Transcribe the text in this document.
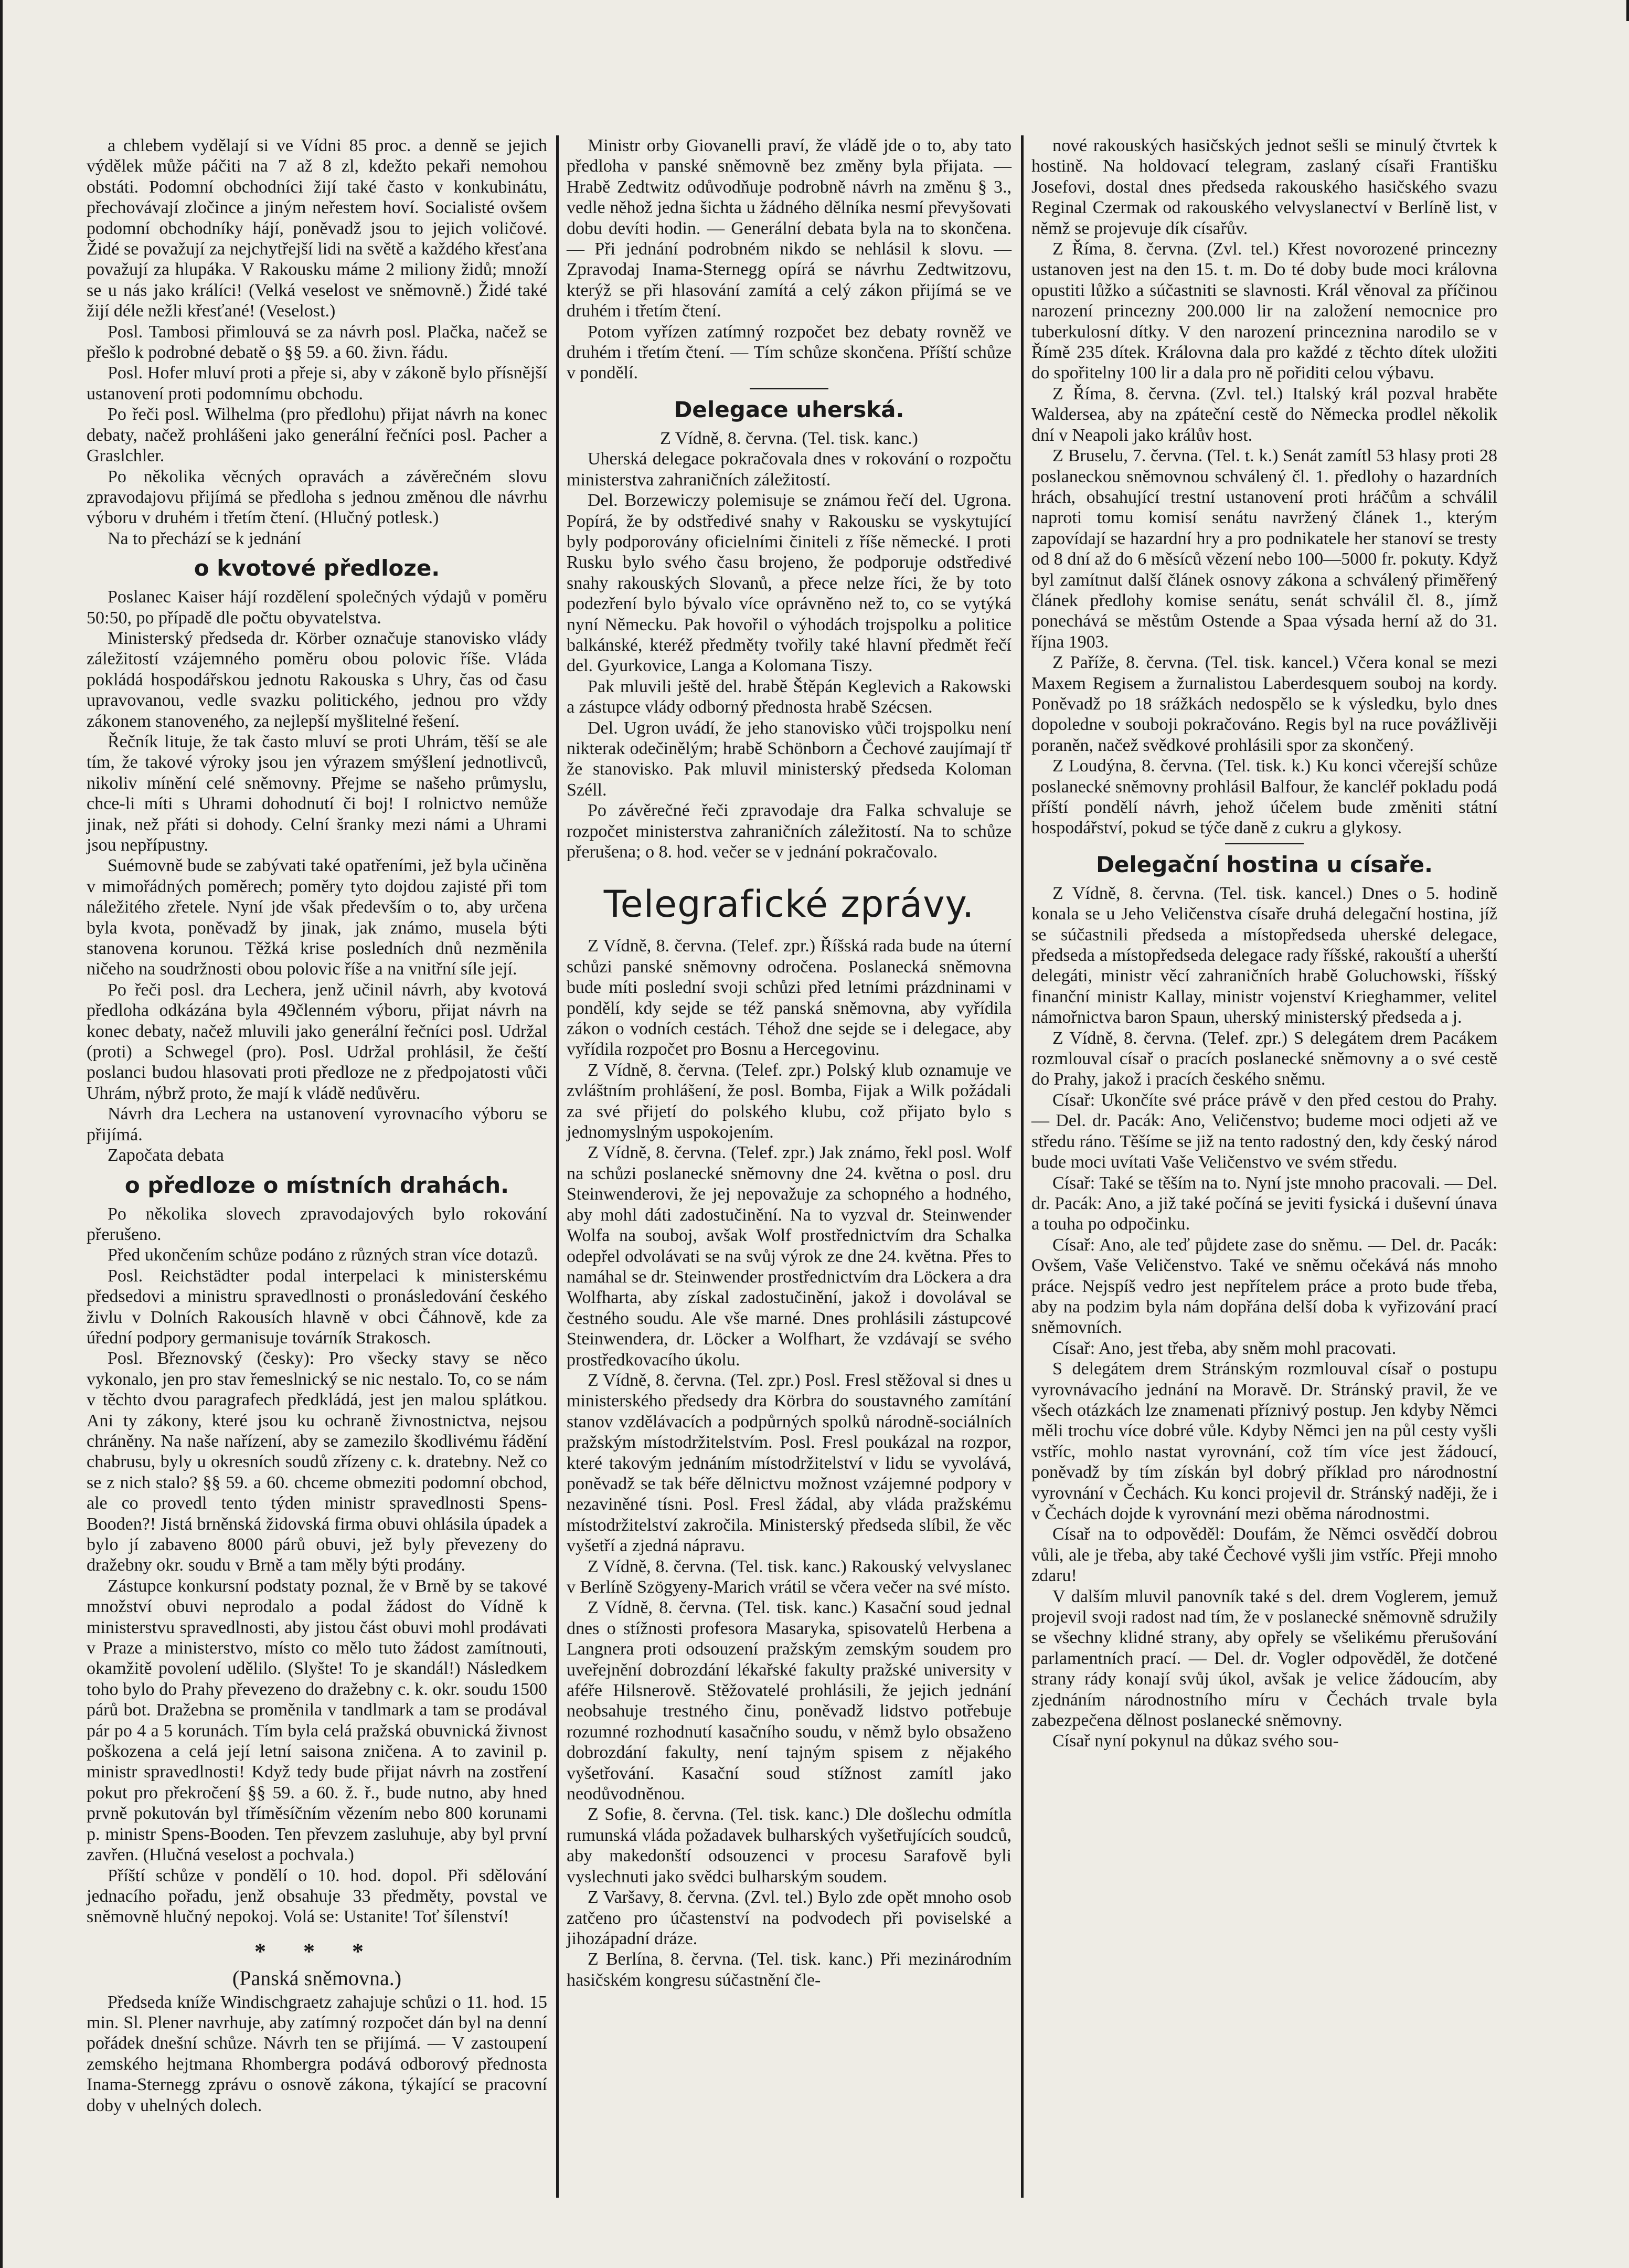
a chlebem vydělají si ve Vídni 85 proc. a denně se jejich výdělek může páčiti na 7 až 8 zl, kdežto pekaři nemohou obstáti. Podomní obchodníci žijí také často v konkubinátu, přechovávají zločince a jiným neřestem hoví. Socialisté ovšem podomní obchodníky hájí, poněvadž jsou to jejich voličové. Židé se považují za nejchytřejší lidi na světě a každého křesťana považují za hlupáka. V Rakousku máme 2 miliony židů; množí se u nás jako králíci! (Velká veselost ve sněmovně.) Židé také žijí déle nežli křesťané! (Veselost.)

Posl. Tambosi přimlouvá se za návrh posl. Plačka, načež se přešlo k podrobné debatě o §§ 59. a 60. živn. řádu.

Posl. Hofer mluví proti a přeje si, aby v zákoně bylo přísnější ustanovení proti podomnímu obchodu.

Po řeči posl. Wilhelma (pro předlohu) přijat návrh na konec debaty, načež prohlášeni jako generální řečníci posl. Pacher a Graslchler.

Po několika věcných opravách a závěrečném slovu zpravodajovu přijímá se předloha s jednou změnou dle návrhu výboru v druhém i třetím čtení. (Hlučný potlesk.)

Na to přechází se k jednání

o kvotové předloze.

Poslanec Kaiser hájí rozdělení společných výdajů v poměru 50:50, po případě dle počtu obyvatelstva.

Ministerský předseda dr. Körber označuje stanovisko vlády záležitostí vzájemného poměru obou polovic říše. Vláda pokládá hospodářskou jednotu Rakouska s Uhry, čas od času upravovanou, vedle svazku politického, jednou pro vždy zákonem stanoveného, za nejlepší myšlitelné řešení.

Řečník lituje, že tak často mluví se proti Uhrám, těší se ale tím, že takové výroky jsou jen výrazem smýšlení jednotlivců, nikoliv mínění celé sněmovny. Přejme se našeho průmyslu, chce-li míti s Uhrami dohodnutí či boj! I rolnictvo nemůže jinak, než přáti si dohody. Celní šranky mezi námi a Uhrami jsou nepřípustny.

Suémovně bude se zabývati také opatřeními, jež byla učiněna v mimořádných poměrech; poměry tyto dojdou zajisté při tom náležitého zřetele. Nyní jde však především o to, aby určena byla kvota, poněvadž by jinak, jak známo, musela býti stanovena korunou. Těžká krise posledních dnů nezměnila ničeho na soudržnosti obou polovic říše a na vnitřní síle její.

Po řeči posl. dra Lechera, jenž učinil návrh, aby kvotová předloha odkázána byla 49členném výboru, přijat návrh na konec debaty, načež mluvili jako generální řečníci posl. Udržal (proti) a Schwegel (pro). Posl. Udržal prohlásil, že čeští poslanci budou hlasovati proti předloze ne z předpojatosti vůči Uhrám, nýbrž proto, že mají k vládě nedůvěru.

Návrh dra Lechera na ustanovení vyrovnacího výboru se přijímá.

Započata debata

o předloze o místních drahách.

Po několika slovech zpravodajových bylo rokování přerušeno.

Před ukončením schůze podáno z různých stran více dotazů.

Posl. Reichstädter podal interpelaci k ministerskému předsedovi a ministru spravedlnosti o pronásledování českého živlu v Dolních Rakousích hlavně v obci Čáhnově, kde za úřední podpory germanisuje továrník Strakosch.

Posl. Březnovský (česky): Pro všecky stavy se něco vykonalo, jen pro stav řemeslnický se nic nestalo. To, co se nám v těchto dvou paragrafech předkládá, jest jen malou splátkou. Ani ty zákony, které jsou ku ochraně živnostnictva, nejsou chráněny. Na naše nařízení, aby se zamezilo škodlivému řádění chabrusu, byly u okresních soudů zřízeny c. k. dratebny. Než co se z nich stalo? §§ 59. a 60. chceme obmeziti podomní obchod, ale co provedl tento týden ministr spravedlnosti Spens-Booden?! Jistá brněnská židovská firma obuvi ohlásila úpadek a bylo jí zabaveno 8000 párů obuvi, jež byly převezeny do dražebny okr. soudu v Brně a tam měly býti prodány.

Zástupce konkursní podstaty poznal, že v Brně by se takové množství obuvi neprodalo a podal žádost do Vídně k ministerstvu spravedlnosti, aby jistou část obuvi mohl prodávati v Praze a ministerstvo, místo co mělo tuto žádost zamítnouti, okamžitě povolení udělilo. (Slyšte! To je skandál!) Následkem toho bylo do Prahy převezeno do dražebny c. k. okr. soudu 1500 párů bot. Dražebna se proměnila v tandlmark a tam se prodával pár po 4 a 5 korunách. Tím byla celá pražská obuvnická živnost poškozena a celá její letní saisona zničena. A to zavinil p. ministr spravedlnosti! Když tedy bude přijat návrh na zostření pokut pro překročení §§ 59. a 60. ž. ř., bude nutno, aby hned prvně pokutován byl tříměsíčním vězením nebo 800 korunami p. ministr Spens-Booden. Ten převzem zasluhuje, aby byl první zavřen. (Hlučná veselost a pochvala.)

Příští schůze v pondělí o 10. hod. dopol. Při sdělování jednacího pořadu, jenž obsahuje 33 předměty, povstal ve sněmovně hlučný nepokoj. Volá se: Ustanite! Toť šílenství!

* * *

(Panská sněmovna.)

Předseda kníže Windischgraetz zahajuje schůzi o 11. hod. 15 min. Sl. Plener navrhuje, aby zatímný rozpočet dán byl na denní pořádek dnešní schůze. Návrh ten se přijímá. — V zastoupení zemského hejtmana Rhombergra podává odborový přednosta Inama-Sternegg zprávu o osnově zákona, týkající se pracovní doby v uhelných dolech.

Ministr orby Giovanelli praví, že vládě jde o to, aby tato předloha v panské sněmovně bez změny byla přijata. — Hrabě Zedtwitz odůvodňuje podrobně návrh na změnu § 3., vedle něhož jedna šichta u žádného dělníka nesmí převyšovati dobu devíti hodin. — Generální debata byla na to skončena. — Při jednání podrobném nikdo se nehlásil k slovu. — Zpravodaj Inama-Sternegg opírá se návrhu Zedtwitzovu, kterýž se při hlasování zamítá a celý zákon přijímá se ve druhém i třetím čtení.

Potom vyřízen zatímný rozpočet bez debaty rovněž ve druhém i třetím čtení. — Tím schůze skončena. Příští schůze v pondělí.

Delegace uherská.

Z Vídně, 8. června. (Tel. tisk. kanc.)

Uherská delegace pokračovala dnes v rokování o rozpočtu ministerstva zahraničních záležitostí.

Del. Borzewiczy polemisuje se známou řečí del. Ugrona. Popírá, že by odstředivé snahy v Rakousku se vyskytující byly podporovány oficielními činiteli z říše německé. I proti Rusku bylo svého času brojeno, že podporuje odstředivé snahy rakouských Slovanů, a přece nelze říci, že by toto podezření bylo bývalo více oprávněno než to, co se vytýká nyní Německu. Pak hovořil o výhodách trojspolku a politice balkánské, kteréž předměty tvořily také hlavní předmět řečí del. Gyurkovice, Langa a Kolomana Tiszy.

Pak mluvili ještě del. hrabě Štěpán Keglevich a Rakowski a zástupce vlády odborný přednosta hrabě Szécsen.

Del. Ugron uvádí, že jeho stanovisko vůči trojspolku není nikterak odečinělým; hrabě Schönborn a Čechové zaujímají tř že stanovisko. Pak mluvil ministerský předseda Koloman Széll.

Po závěrečné řeči zpravodaje dra Falka schvaluje se rozpočet ministerstva zahraničních záležitostí. Na to schůze přerušena; o 8. hod. večer se v jednání pokračovalo.

Telegrafické zprávy.

Z Vídně, 8. června. (Telef. zpr.) Říšská rada bude na úterní schůzi panské sněmovny odročena. Poslanecká sněmovna bude míti poslední svoji schůzi před letními prázdninami v pondělí, kdy sejde se též panská sněmovna, aby vyřídila zákon o vodních cestách. Téhož dne sejde se i delegace, aby vyřídila rozpočet pro Bosnu a Hercegovinu.

Z Vídně, 8. června. (Telef. zpr.) Polský klub oznamuje ve zvláštním prohlášení, že posl. Bomba, Fijak a Wilk požádali za své přijetí do polského klubu, což přijato bylo s jednomyslným uspokojením.

Z Vídně, 8. června. (Telef. zpr.) Jak známo, řekl posl. Wolf na schůzi poslanecké sněmovny dne 24. května o posl. dru Steinwenderovi, že jej nepovažuje za schopného a hodného, aby mohl dáti zadostučinění. Na to vyzval dr. Steinwender Wolfa na souboj, avšak Wolf prostřednictvím dra Schalka odepřel odvolávati se na svůj výrok ze dne 24. května. Přes to namáhal se dr. Steinwender prostřednictvím dra Löckera a dra Wolfharta, aby získal zadostučinění, jakož i dovolával se čestného soudu. Ale vše marné. Dnes prohlásili zástupcové Steinwendera, dr. Löcker a Wolfhart, že vzdávají se svého prostředkovacího úkolu.

Z Vídně, 8. června. (Tel. zpr.) Posl. Fresl stěžoval si dnes u ministerského předsedy dra Körbra do soustavného zamítání stanov vzdělávacích a podpůrných spolků národně-sociálních pražským místodržitelstvím. Posl. Fresl poukázal na rozpor, které takovým jednáním místodržitelství v lidu se vyvolává, poněvadž se tak béře dělnictvu možnost vzájemné podpory v nezaviněné tísni. Posl. Fresl žádal, aby vláda pražskému místodržitelství zakročila. Ministerský předseda slíbil, že věc vyšetří a zjedná nápravu.

Z Vídně, 8. června. (Tel. tisk. kanc.) Rakouský velvyslanec v Berlíně Szögyeny-Marich vrátil se včera večer na své místo.

Z Vídně, 8. června. (Tel. tisk. kanc.) Kasační soud jednal dnes o stížnosti profesora Masaryka, spisovatelů Herbena a Langnera proti odsouzení pražským zemským soudem pro uveřejnění dobrozdání lékařské fakulty pražské university v aféře Hilsnerově. Stěžovatelé prohlásili, že jejich jednání neobsahuje trestného činu, poněvadž lidstvo potřebuje rozumné rozhodnutí kasačního soudu, v němž bylo obsaženo dobrozdání fakulty, není tajným spisem z nějakého vyšetřování. Kasační soud stížnost zamítl jako neodůvodněnou.

Z Sofie, 8. června. (Tel. tisk. kanc.) Dle došlechu odmítla rumunská vláda požadavek bulharských vyšetřujících soudců, aby makedonští odsouzenci v procesu Sarafově byli vyslechnuti jako svědci bulharským soudem.

Z Varšavy, 8. června. (Zvl. tel.) Bylo zde opět mnoho osob zatčeno pro účastenství na podvodech při poviselské a jihozápadní dráze.

Z Berlína, 8. června. (Tel. tisk. kanc.) Při mezinárodním hasičském kongresu súčastnění čle-

nové rakouských hasičských jednot sešli se minulý čtvrtek k hostině. Na holdovací telegram, zaslaný císaři Františku Josefovi, dostal dnes předseda rakouského hasičského svazu Reginal Czermak od rakouského velvyslanectví v Berlíně list, v němž se projevuje dík císařův.

Z Říma, 8. června. (Zvl. tel.) Křest novorozené princezny ustanoven jest na den 15. t. m. Do té doby bude moci královna opustiti lůžko a súčastniti se slavnosti. Král věnoval za příčinou narození princezny 200.000 lir na založení nemocnice pro tuberkulosní dítky. V den narození princeznina narodilo se v Římě 235 dítek. Královna dala pro každé z těchto dítek uložiti do spořitelny 100 lir a dala pro ně pořiditi celou výbavu.

Z Říma, 8. června. (Zvl. tel.) Italský král pozval hraběte Waldersea, aby na zpáteční cestě do Německa prodlel několik dní v Neapoli jako králův host.

Z Bruselu, 7. června. (Tel. t. k.) Senát zamítl 53 hlasy proti 28 poslaneckou sněmovnou schválený čl. 1. předlohy o hazardních hrách, obsahující trestní ustanovení proti hráčům a schválil naproti tomu komisí senátu navržený článek 1., kterým zapovídají se hazardní hry a pro podnikatele her stanoví se tresty od 8 dní až do 6 měsíců vězení nebo 100—5000 fr. pokuty. Když byl zamítnut další článek osnovy zákona a schválený přiměřený článek předlohy komise senátu, senát schválil čl. 8., jímž ponechává se městům Ostende a Spaa výsada herní až do 31. října 1903.

Z Paříže, 8. června. (Tel. tisk. kancel.) Včera konal se mezi Maxem Regisem a žurnalistou Laberdesquem souboj na kordy. Poněvadž po 18 srážkách nedospělo se k výsledku, bylo dnes dopoledne v souboji pokračováno. Regis byl na ruce povážlivěji poraněn, načež svědkové prohlásili spor za skončený.

Z Loudýna, 8. června. (Tel. tisk. k.) Ku konci včerejší schůze poslanecké sněmovny prohlásil Balfour, že kancléř pokladu podá příští pondělí návrh, jehož účelem bude změniti státní hospodářství, pokud se týče daně z cukru a glykosy.

Delegační hostina u císaře.

Z Vídně, 8. června. (Tel. tisk. kancel.) Dnes o 5. hodině konala se u Jeho Veličenstva císaře druhá delegační hostina, jíž se súčastnili předseda a místopředseda uherské delegace, předseda a místopředseda delegace rady říšské, rakouští a uherští delegáti, ministr věcí zahraničních hrabě Goluchowski, říšský finanční ministr Kallay, ministr vojenství Krieghammer, velitel námořnictva baron Spaun, uherský ministerský předseda a j.

Z Vídně, 8. června. (Telef. zpr.) S delegátem drem Pacákem rozmlouval císař o pracích poslanecké sněmovny a o své cestě do Prahy, jakož i pracích českého sněmu.

Císař: Ukončíte své práce právě v den před cestou do Prahy. — Del. dr. Pacák: Ano, Veličenstvo; budeme moci odjeti až ve středu ráno. Těšíme se již na tento radostný den, kdy český národ bude moci uvítati Vaše Veličenstvo ve svém středu.

Císař: Také se těším na to. Nyní jste mnoho pracovali. — Del. dr. Pacák: Ano, a již také počíná se jeviti fysická i duševní únava a touha po odpočinku.

Císař: Ano, ale teď půjdete zase do sněmu. — Del. dr. Pacák: Ovšem, Vaše Veličenstvo. Také ve sněmu očekává nás mnoho práce. Nejspíš vedro jest nepřítelem práce a proto bude třeba, aby na podzim byla nám dopřána delší doba k vyřizování prací sněmovních.

Císař: Ano, jest třeba, aby sněm mohl pracovati.

S delegátem drem Stránským rozmlouval císař o postupu vyrovnávacího jednání na Moravě. Dr. Stránský pravil, že ve všech otázkách lze znamenati příznivý postup. Jen kdyby Němci měli trochu více dobré vůle. Kdyby Němci jen na půl cesty vyšli vstříc, mohlo nastat vyrovnání, což tím více jest žádoucí, poněvadž by tím získán byl dobrý příklad pro národnostní vyrovnání v Čechách. Ku konci projevil dr. Stránský naději, že i v Čechách dojde k vyrovnání mezi oběma národnostmi.

Císař na to odpověděl: Doufám, že Němci osvědčí dobrou vůli, ale je třeba, aby také Čechové vyšli jim vstříc. Přeji mnoho zdaru!

V dalším mluvil panovník také s del. drem Voglerem, jemuž projevil svoji radost nad tím, že v poslanecké sněmovně sdružily se všechny klidné strany, aby opřely se všelikému přerušování parlamentních prací. — Del. dr. Vogler odpověděl, že dotčené strany rády konají svůj úkol, avšak je velice žádoucím, aby zjednáním národnostního míru v Čechách trvale byla zabezpečena dělnost poslanecké sněmovny.

Císař nyní pokynul na důkaz svého sou-
